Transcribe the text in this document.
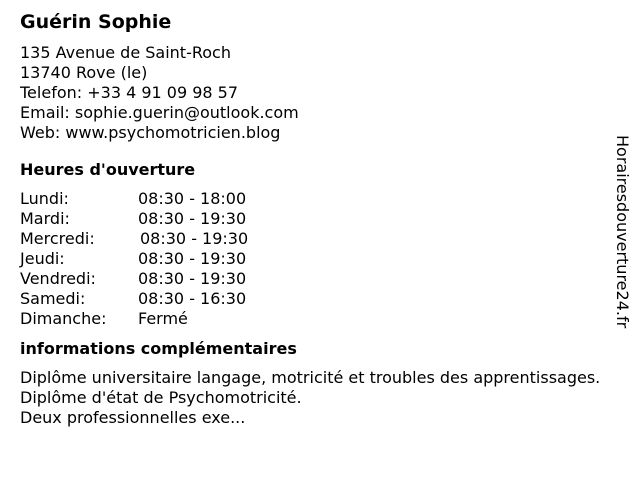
Guérin Sophie
135 Avenue de Saint-Roch
13740 Rove (le)
Telefon: +33 4 91 09 98 57
Email: sophie.guerin@outlook.com
Web: www.psychomotricien.blog
Heures d'ouverture
Lundi:	08:30 - 18:00
Mardi:	08:30 - 19:30
Mercredi:	08:30 - 19:30
Jeudi:	08:30 - 19:30
Vendredi:	08:30 - 19:30
Samedi:	08:30 - 16:30
Dimanche: Fermé
informations complémentaires
Diplôme universitaire langage, motricité et troubles des apprentissages.
Diplôme d'état de Psychomotricité.
Deux professionnelles exe...
Horairesdouverture24.fr
